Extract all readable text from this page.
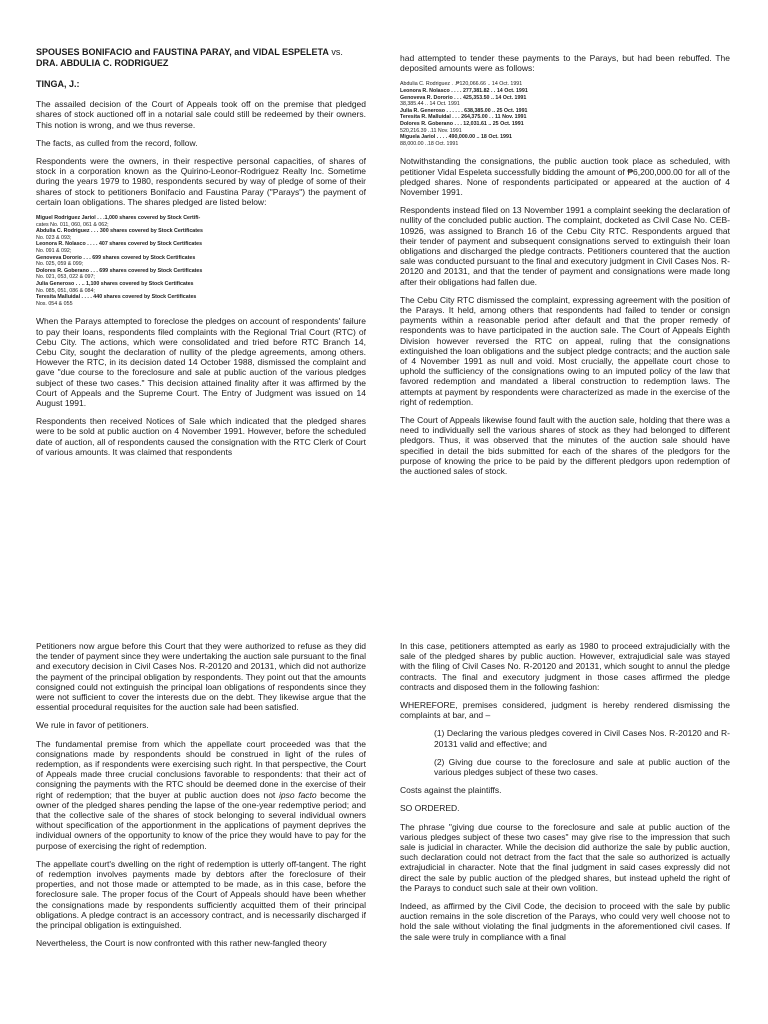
SPOUSES BONIFACIO and FAUSTINA PARAY, and VIDAL ESPELETA vs.
DRA. ABDULIA C. RODRIGUEZ
TINGA, J.:

The assailed decision of the Court of Appeals took off on the premise that pledged shares of stock auctioned off in a notarial sale could still be redeemed by their owners. This notion is wrong, and we thus reverse.

The facts, as culled from the record, follow.

Respondents were the owners, in their respective personal capacities, of shares of stock in a corporation known as the Quirino-Leonor-Rodriguez Realty Inc. Sometime during the years 1979 to 1980, respondents secured by way of pledge of some of their shares of stock to petitioners Bonifacio and Faustina Paray ("Parays") the payment of certain loan obligations. The shares pledged are listed below:

Miguel Rodriguez Jariol . . .1,000 shares covered by Stock Certifi-
cates No. 011, 060, 061 & 062;
Abdulia C. Rodriguez . . . 300 shares covered by Stock Certificates
No. 023 & 093;
Leonora R. Nolasco . . . . 407 shares covered by Stock Certificates
No. 091 & 092;
Genoveva Dororio . . . 699 shares covered by Stock Certificates
No. 025, 059 & 099;
Dolores R. Goberano . . . 699 shares covered by Stock Certificates
No. 021, 053, 022 & 097;
Julia Generoso . . .. 1,100 shares covered by Stock Certificates
No. 085, 051, 086 & 084;
Teresita Malluidal . . . . 440 shares covered by Stock Certificates
Nos. 054 & 055

When the Parays attempted to foreclose the pledges on account of respondents' failure to pay their loans, respondents filed complaints with the Regional Trial Court (RTC) of Cebu City. The actions, which were consolidated and tried before RTC Branch 14, Cebu City, sought the declaration of nullity of the pledge agreements, among others. However the RTC, in its decision dated 14 October 1988, dismissed the complaint and gave "due course to the foreclosure and sale at public auction of the various pledges subject of these two cases." This decision attained finality after it was affirmed by the Court of Appeals and the Supreme Court. The Entry of Judgment was issued on 14 August 1991.

Respondents then received Notices of Sale which indicated that the pledged shares were to be sold at public auction on 4 November 1991. However, before the scheduled date of auction, all of respondents caused the consignation with the RTC Clerk of Court of various amounts. It was claimed that respondents

had attempted to tender these payments to the Parays, but had been rebuffed. The deposited amounts were as follows:

Abdulia C. Rodriguez . .₱120,066.66 .. 14 Oct. 1991
Leonora R. Nolasco . . . . 277,381.82 . . 14 Oct. 1991
Genoveva R. Dororio . . . 425,353.50 .. 14 Oct. 1991
38,385.44 .. 14 Oct. 1991
Julia R. Generoso . . . . . . 638,385.00 .. 25 Oct. 1991
Teresita R. Malluidal . . . 264,375.00 . . 11 Nov. 1991
Dolores R. Goberano . . . 12,031.61 .. 25 Oct. 1991
520,216.39 ..11 Nov. 1991
Miguela Jariol . . . . 490,000.00 .. 18 Oct. 1991
88,000.00 ..18 Oct. 1991

Notwithstanding the consignations, the public auction took place as scheduled, with petitioner Vidal Espeleta successfully bidding the amount of ₱6,200,000.00 for all of the pledged shares. None of respondents participated or appeared at the auction of 4 November 1991.

Respondents instead filed on 13 November 1991 a complaint seeking the declaration of nullity of the concluded public auction. The complaint, docketed as Civil Case No. CEB-10926, was assigned to Branch 16 of the Cebu City RTC. Respondents argued that their tender of payment and subsequent consignations served to extinguish their loan obligations and discharged the pledge contracts. Petitioners countered that the auction sale was conducted pursuant to the final and executory judgment in Civil Cases Nos. R-20120 and 20131, and that the tender of payment and consignations were made long after their obligations had fallen due.

The Cebu City RTC dismissed the complaint, expressing agreement with the position of the Parays. It held, among others that respondents had failed to tender or consign payments within a reasonable period after default and that the proper remedy of respondents was to have participated in the auction sale. The Court of Appeals Eighth Division however reversed the RTC on appeal, ruling that the consignations extinguished the loan obligations and the subject pledge contracts; and the auction sale of 4 November 1991 as null and void. Most crucially, the appellate court chose to uphold the sufficiency of the consignations owing to an imputed policy of the law that favored redemption and mandated a liberal construction to redemption laws. The attempts at payment by respondents were characterized as made in the exercise of the right of redemption.

The Court of Appeals likewise found fault with the auction sale, holding that there was a need to individually sell the various shares of stock as they had belonged to different pledgors. Thus, it was observed that the minutes of the auction sale should have specified in detail the bids submitted for each of the shares of the pledgors for the purpose of knowing the price to be paid by the different pledgors upon redemption of the auctioned sales of stock.

Petitioners now argue before this Court that they were authorized to refuse as they did the tender of payment since they were undertaking the auction sale pursuant to the final and executory decision in Civil Cases Nos. R-20120 and 20131, which did not authorize the payment of the principal obligation by respondents. They point out that the amounts consigned could not extinguish the principal loan obligations of respondents since they were not sufficient to cover the interests due on the debt. They likewise argue that the essential procedural requisites for the auction sale had been satisfied.

We rule in favor of petitioners.

The fundamental premise from which the appellate court proceeded was that the consignations made by respondents should be construed in light of the rules of redemption, as if respondents were exercising such right. In that perspective, the Court of Appeals made three crucial conclusions favorable to respondents: that their act of consigning the payments with the RTC should be deemed done in the exercise of their right of redemption; that the buyer at public auction does not ipso facto become the owner of the pledged shares pending the lapse of the one-year redemptive period; and that the collective sale of the shares of stock belonging to several individual owners without specification of the apportionment in the applications of payment deprives the individual owners of the opportunity to know of the price they would have to pay for the purpose of exercising the right of redemption.

The appellate court's dwelling on the right of redemption is utterly off-tangent. The right of redemption involves payments made by debtors after the foreclosure of their properties, and not those made or attempted to be made, as in this case, before the foreclosure sale. The proper focus of the Court of Appeals should have been whether the consignations made by respondents sufficiently acquitted them of their principal obligations. A pledge contract is an accessory contract, and is necessarily discharged if the principal obligation is extinguished.

Nevertheless, the Court is now confronted with this rather new-fangled theory

In this case, petitioners attempted as early as 1980 to proceed extrajudicially with the sale of the pledged shares by public auction. However, extrajudicial sale was stayed with the filing of Civil Cases No. R-20120 and 20131, which sought to annul the pledge contracts. The final and executory judgment in those cases affirmed the pledge contracts and disposed them in the following fashion:

WHEREFORE, premises considered, judgment is hereby rendered dismissing the complaints at bar, and –

(1) Declaring the various pledges covered in Civil Cases Nos. R-20120 and R-20131 valid and effective; and

(2) Giving due course to the foreclosure and sale at public auction of the various pledges subject of these two cases.

Costs against the plaintiffs.

SO ORDERED.

The phrase "giving due course to the foreclosure and sale at public auction of the various pledges subject of these two cases" may give rise to the impression that such sale is judicial in character. While the decision did authorize the sale by public auction, such declaration could not detract from the fact that the sale so authorized is actually extrajudicial in character. Note that the final judgment in said cases expressly did not direct the sale by public auction of the pledged shares, but instead upheld the right of the Parays to conduct such sale at their own volition.

Indeed, as affirmed by the Civil Code, the decision to proceed with the sale by public auction remains in the sole discretion of the Parays, who could very well choose not to hold the sale without violating the final judgments in the aforementioned civil cases. If the sale were truly in compliance with a final
